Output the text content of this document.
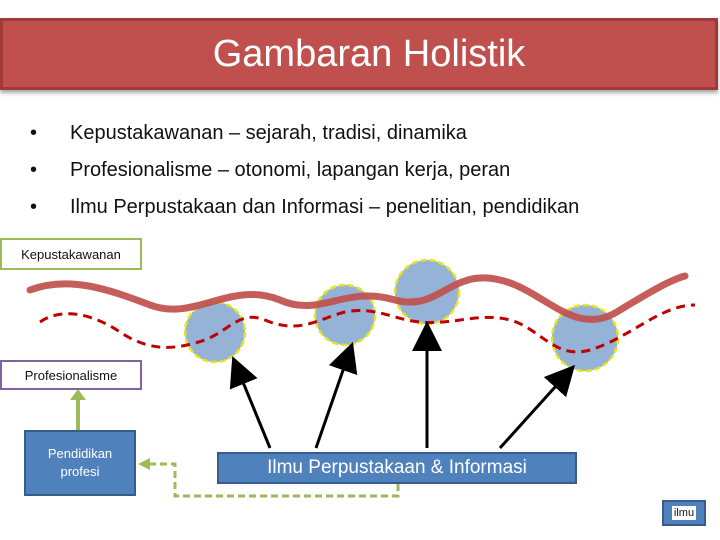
Gambaran Holistik
•	Kepustakawanan – sejarah, tradisi, dinamika
•	Profesionalisme – otonomi, lapangan kerja, peran
•	Ilmu Perpustakaan dan Informasi – penelitian, pendidikan
Kepustakawanan
Profesionalisme
Pendidikan
profesi	Ilmu Perpustakaan & Informasi
ilmu
